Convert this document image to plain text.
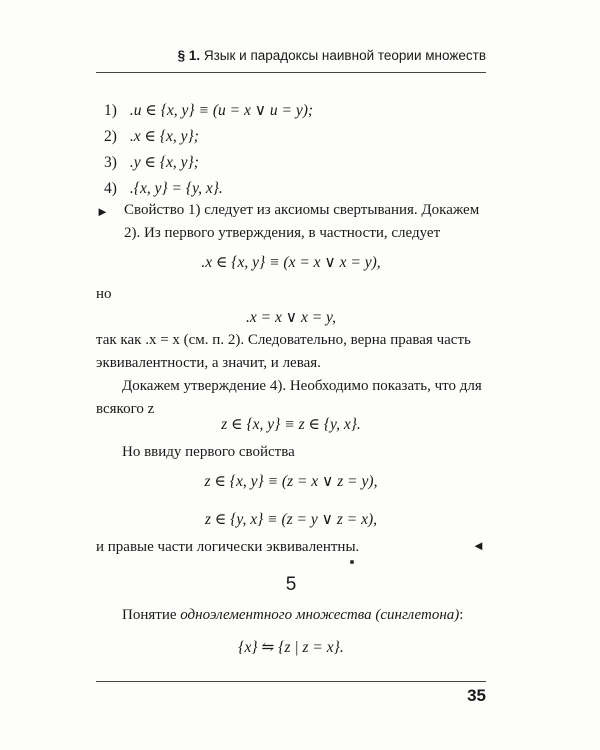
§ 1. Язык и парадоксы наивной теории множеств
1) .u ∈ {x, y} ≡ (u = x ∨ u = y);
2) .x ∈ {x, y};
3) .y ∈ {x, y};
4) .{x, y} = {y, x}.
► Свойство 1) следует из аксиомы свертывания. Докажем 2). Из первого утверждения, в частности, следует
.x ∈ {x, y} ≡ (x = x ∨ x = y),
но
.x = x ∨ x = y,
так как .x = x (см. п. 2). Следовательно, верна правая часть эквивалентности, а значит, и левая.
Докажем утверждение 4). Необходимо показать, что для всякого z
z ∈ {x, y} ≡ z ∈ {y, x}.
Но ввиду первого свойства
z ∈ {x, y} ≡ (z = x ∨ z = y),
z ∈ {y, x} ≡ (z = y ∨ z = x),
и правые части логически эквивалентны.	◄
5
Понятие одноэлементного множества (синглетона):
{x} ⇋ {z | z = x}.
35
